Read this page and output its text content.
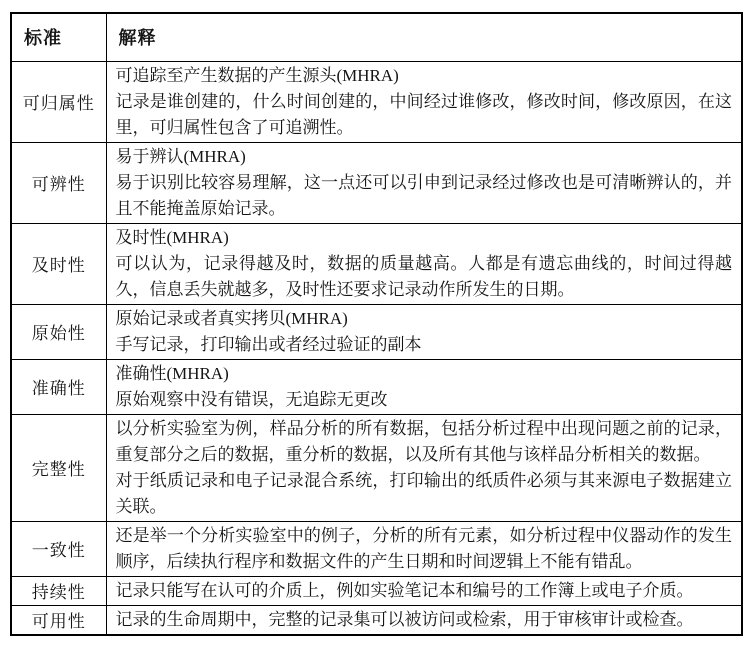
标准	解释
可归属性	可追踪至产生数据的产生源头(MHRA)
记录是谁创建的，什么时间创建的，中间经过谁修改，修改时间，修改原因，在这里，可归属性包含了可追溯性。

可辨性	易于辨认(MHRA)
易于识别比较容易理解，这一点还可以引申到记录经过修改也是可清晰辨认的，并且不能掩盖原始记录。

及时性	及时性(MHRA)
可以认为，记录得越及时，数据的质量越高。人都是有遗忘曲线的，时间过得越久，信息丢失就越多，及时性还要求记录动作所发生的日期。

原始性	原始记录或者真实拷贝(MHRA)
手写记录，打印输出或者经过验证的副本

准确性	准确性(MHRA)
原始观察中没有错误，无追踪无更改

完整性	以分析实验室为例，样品分析的所有数据，包括分析过程中出现问题之前的记录，重复部分之后的数据，重分析的数据，以及所有其他与该样品分析相关的数据。
对于纸质记录和电子记录混合系统，打印输出的纸质件必须与其来源电子数据建立关联。

一致性	还是举一个分析实验室中的例子，分析的所有元素，如分析过程中仪器动作的发生顺序，后续执行程序和数据文件的产生日期和时间逻辑上不能有错乱。

持续性	记录只能写在认可的介质上，例如实验笔记本和编号的工作簿上或电子介质。

可用性	记录的生命周期中，完整的记录集可以被访问或检索，用于审核审计或检查。
